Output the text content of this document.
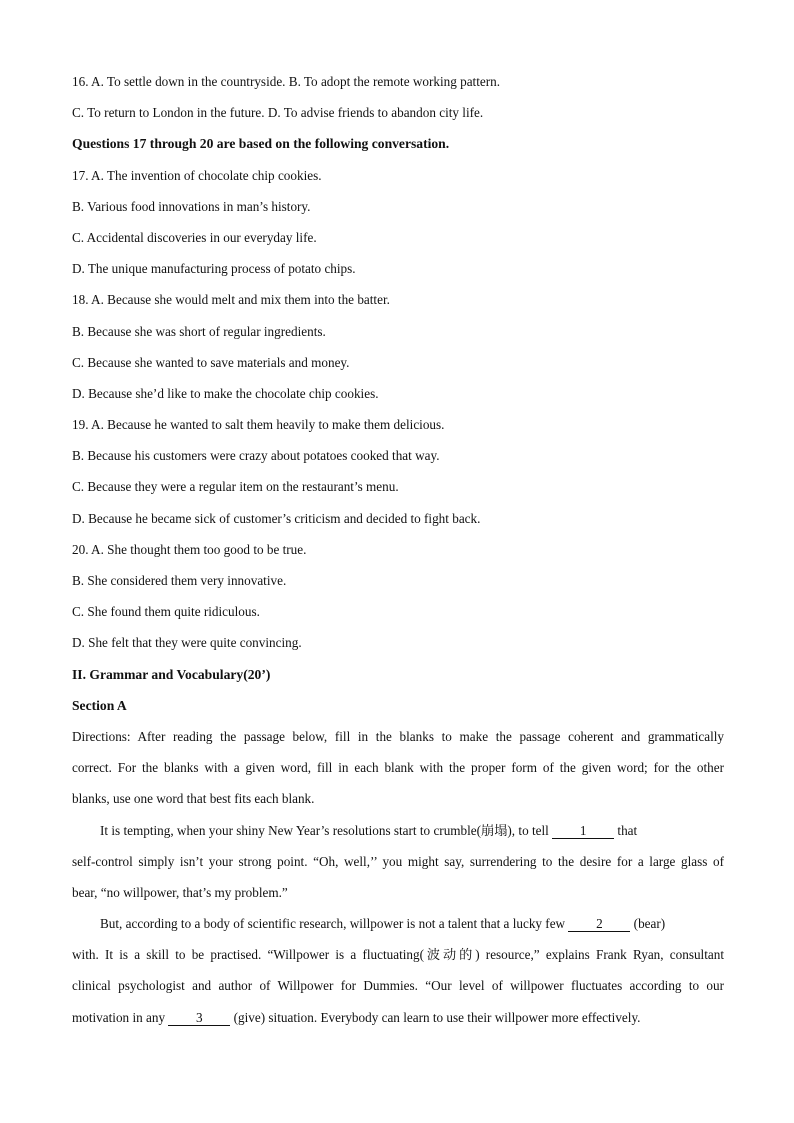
16. A. To settle down in the countryside. B. To adopt the remote working pattern.
C. To return to London in the future. D. To advise friends to abandon city life.
Questions 17 through 20 are based on the following conversation.
17. A. The invention of chocolate chip cookies.
B. Various food innovations in man’s history.
C. Accidental discoveries in our everyday life.
D. The unique manufacturing process of potato chips.
18. A. Because she would melt and mix them into the batter.
B. Because she was short of regular ingredients.
C. Because she wanted to save materials and money.
D. Because she’d like to make the chocolate chip cookies.
19. A. Because he wanted to salt them heavily to make them delicious.
B. Because his customers were crazy about potatoes cooked that way.
C. Because they were a regular item on the restaurant’s menu.
D. Because he became sick of customer’s criticism and decided to fight back.
20. A. She thought them too good to be true.
B. She considered them very innovative.
C. She found them quite ridiculous.
D. She felt that they were quite convincing.
II. Grammar and Vocabulary(20’)
Section A
Directions: After reading the passage below, fill in the blanks to make the passage coherent and grammatically
correct. For the blanks with a given word, fill in each blank with the proper form of the given word; for the other
blanks, use one word that best fits each blank.
It is tempting, when your shiny New Year’s resolutions start to crumble(崩塌), to tell 1 that
self-control simply isn’t your strong point. “Oh, well,’’ you might say, surrendering to the desire for a large glass of
bear, “no willpower, that’s my problem.”
But, according to a body of scientific research, willpower is not a talent that a lucky few 2 (bear)
with. It is a skill to be practised. “Willpower is a fluctuating(波动的) resource,” explains Frank Ryan, consultant
clinical psychologist and author of Willpower for Dummies. “Our level of willpower fluctuates according to our
motivation in any 3 (give) situation. Everybody can learn to use their willpower more effectively.
